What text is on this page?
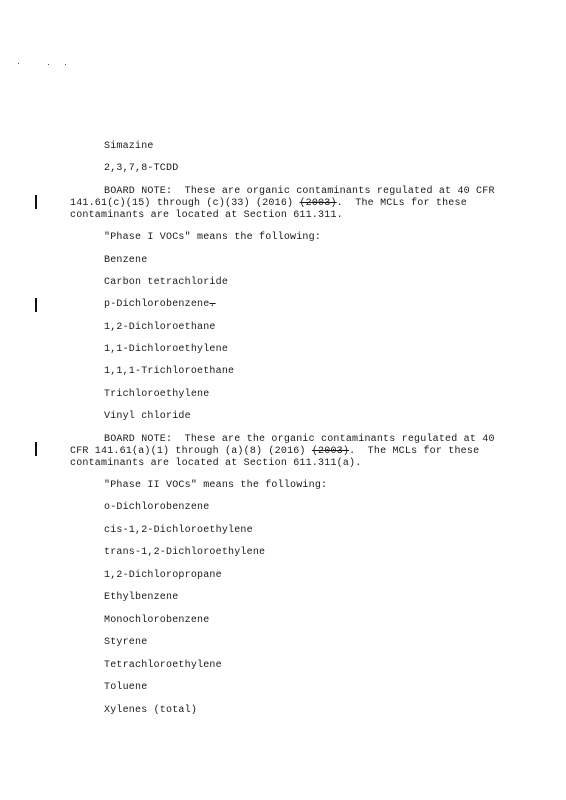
Simazine
2,3,7,8-TCDD
BOARD NOTE:  These are organic contaminants regulated at 40 CFR
141.61(c)(15) through (c)(33) (2016) (2003).  The MCLs for these
contaminants are located at Section 611.311.
"Phase I VOCs" means the following:
Benzene
Carbon tetrachloride
p-Dichlorobenzene.
1,2-Dichloroethane
1,1-Dichloroethylene
1,1,1-Trichloroethane
Trichloroethylene
Vinyl chloride
BOARD NOTE:  These are the organic contaminants regulated at 40
CFR 141.61(a)(1) through (a)(8) (2016) (2003).  The MCLs for these
contaminants are located at Section 611.311(a).
"Phase II VOCs" means the following:
o-Dichlorobenzene
cis-1,2-Dichloroethylene
trans-1,2-Dichloroethylene
1,2-Dichloropropane
Ethylbenzene
Monochlorobenzene
Styrene
Tetrachloroethylene
Toluene
Xylenes (total)
